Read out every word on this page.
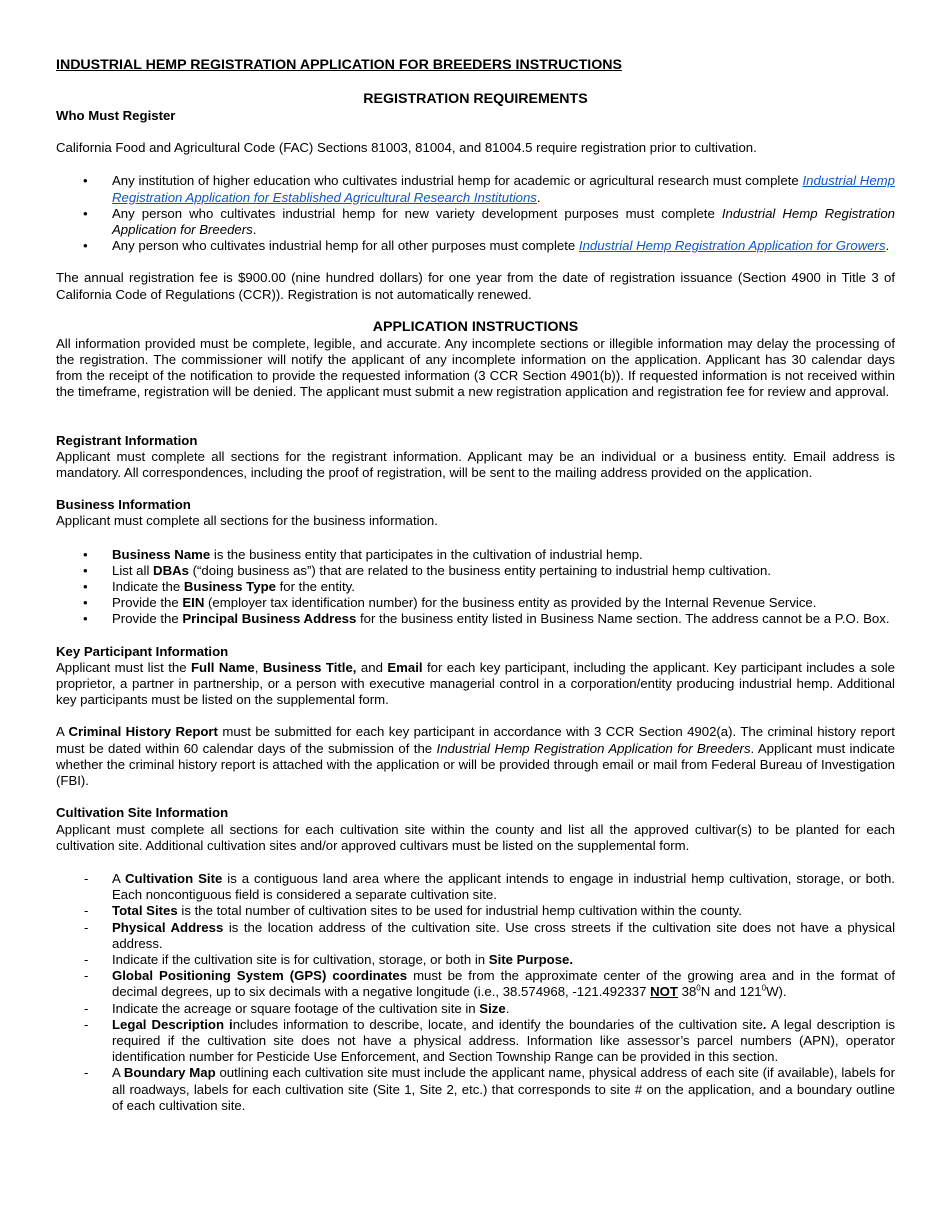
INDUSTRIAL HEMP REGISTRATION APPLICATION FOR BREEDERS INSTRUCTIONS

REGISTRATION REQUIREMENTS

Who Must Register

California Food and Agricultural Code (FAC) Sections 81003, 81004, and 81004.5 require registration prior to cultivation.

• Any institution of higher education who cultivates industrial hemp for academic or agricultural research must complete Industrial Hemp Registration Application for Established Agricultural Research Institutions.
• Any person who cultivates industrial hemp for new variety development purposes must complete Industrial Hemp Registration Application for Breeders.
• Any person who cultivates industrial hemp for all other purposes must complete Industrial Hemp Registration Application for Growers.

The annual registration fee is $900.00 (nine hundred dollars) for one year from the date of registration issuance (Section 4900 in Title 3 of California Code of Regulations (CCR)). Registration is not automatically renewed.

APPLICATION INSTRUCTIONS

All information provided must be complete, legible, and accurate. Any incomplete sections or illegible information may delay the processing of the registration. The commissioner will notify the applicant of any incomplete information on the application. Applicant has 30 calendar days from the receipt of the notification to provide the requested information (3 CCR Section 4901(b)). If requested information is not received within the timeframe, registration will be denied. The applicant must submit a new registration application and registration fee for review and approval.

Registrant Information

Applicant must complete all sections for the registrant information. Applicant may be an individual or a business entity. Email address is mandatory. All correspondences, including the proof of registration, will be sent to the mailing address provided on the application.

Business Information

Applicant must complete all sections for the business information.

• Business Name is the business entity that participates in the cultivation of industrial hemp.
• List all DBAs (“doing business as”) that are related to the business entity pertaining to industrial hemp cultivation.
• Indicate the Business Type for the entity.
• Provide the EIN (employer tax identification number) for the business entity as provided by the Internal Revenue Service.
• Provide the Principal Business Address for the business entity listed in Business Name section. The address cannot be a P.O. Box.

Key Participant Information

Applicant must list the Full Name, Business Title, and Email for each key participant, including the applicant. Key participant includes a sole proprietor, a partner in partnership, or a person with executive managerial control in a corporation/entity producing industrial hemp. Additional key participants must be listed on the supplemental form.

A Criminal History Report must be submitted for each key participant in accordance with 3 CCR Section 4902(a). The criminal history report must be dated within 60 calendar days of the submission of the Industrial Hemp Registration Application for Breeders. Applicant must indicate whether the criminal history report is attached with the application or will be provided through email or mail from Federal Bureau of Investigation (FBI).

Cultivation Site Information

Applicant must complete all sections for each cultivation site within the county and list all the approved cultivar(s) to be planted for each cultivation site. Additional cultivation sites and/or approved cultivars must be listed on the supplemental form.

- A Cultivation Site is a contiguous land area where the applicant intends to engage in industrial hemp cultivation, storage, or both. Each noncontiguous field is considered a separate cultivation site.
- Total Sites is the total number of cultivation sites to be used for industrial hemp cultivation within the county.
- Physical Address is the location address of the cultivation site. Use cross streets if the cultivation site does not have a physical address.
- Indicate if the cultivation site is for cultivation, storage, or both in Site Purpose.
- Global Positioning System (GPS) coordinates must be from the approximate center of the growing area and in the format of decimal degrees, up to six decimals with a negative longitude (i.e., 38.574968, -121.492337 NOT $38^0N$ and $121^0W$).
- Indicate the acreage or square footage of the cultivation site in Size.
- Legal Description includes information to describe, locate, and identify the boundaries of the cultivation site. A legal description is required if the cultivation site does not have a physical address. Information like assessor’s parcel numbers (APN), operator identification number for Pesticide Use Enforcement, and Section Township Range can be provided in this section.
- A Boundary Map outlining each cultivation site must include the applicant name, physical address of each site (if available), labels for all roadways, labels for each cultivation site (Site 1, Site 2, etc.) that corresponds to site # on the application, and a boundary outline of each cultivation site.
